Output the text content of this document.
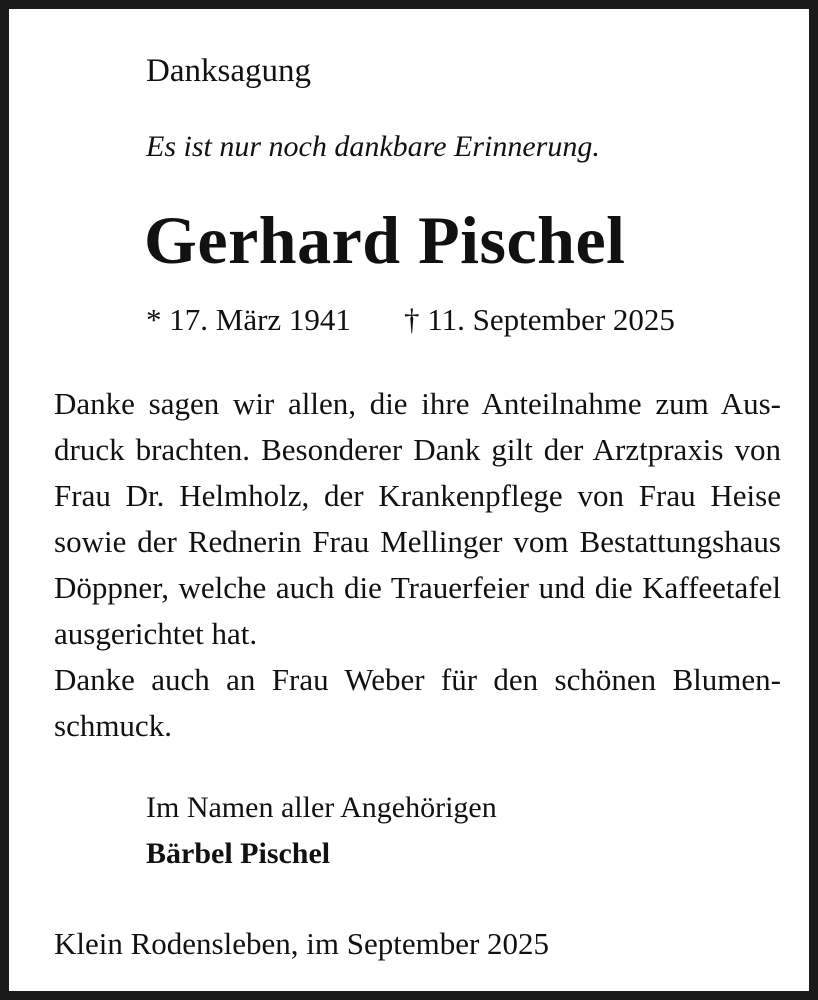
Danksagung

Es ist nur noch dankbare Erinnerung.

Gerhard Pischel

* 17. März 1941 † 11. September 2025

Danke sagen wir allen, die ihre Anteilnahme zum Aus-
druck brachten. Besonderer Dank gilt der Arztpraxis von
Frau Dr. Helmholz, der Krankenpflege von Frau Heise
sowie der Rednerin Frau Mellinger vom Bestattungshaus
Döppner, welche auch die Trauerfeier und die Kaffeetafel
ausgerichtet hat.
Danke auch an Frau Weber für den schönen Blumen-
schmuck.

Im Namen aller Angehörigen

Bärbel Pischel

Klein Rodensleben, im September 2025
